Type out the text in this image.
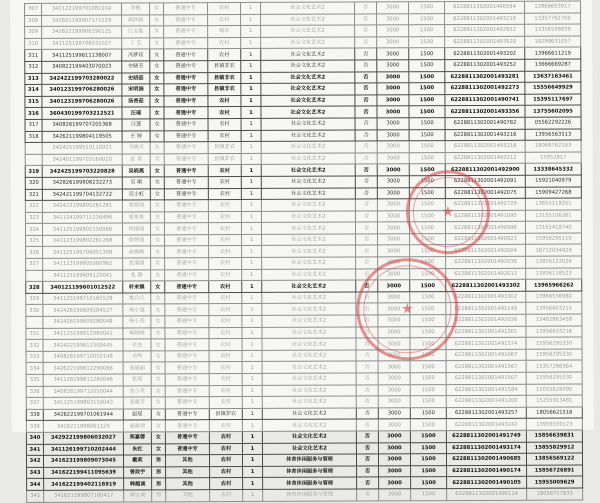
307	341122199701081014	李粮	女	普通中专	农村	1	社会文化艺术2	否	3000	1500	6228811302001490594	13966693917
308	342601199907171529	郭欣骑	女	普通中专	农村	1	社会文化艺术2	否	3000	1500	6228811302001493219	13357762700
309	342622199906190125	汪宝惠	女	普通中专	城市	1	社会文化艺术2	否	3000	1500	6228811302001492652	13356598839
310	341125199708032027	丁 艺	女	普通中专	农村	1	社会文化艺术2	否	3000	1500	6228811302001493920	18298631057
311	341125199611138007	冯梦珏	女	普通中专	农村	1	社会文化艺术2	否	3000	1500	6228811302001493202	13966611219
312	340822199403070023	史晓芳	女	普通中专	县镇非农	1	社会文化艺术2	否	3000	1500	6228811302001493252	13666669287
313	342422199703280022	史晓茹	女	普通中专	县镇非农	1	社会文化艺术2	否	3000	1500	6228811302001493281	13637163461
314	340123199706280026	宋明娟	女	普通中专	县镇非农	1	社会文化艺术2	否	3000	1500	6228811302001492273	15556649929
315	340123199706280026	汤香茹	女	普通中专	农村	1	社会文化艺术2	否	3000	1500	6228811302001490741	15395117697
316	360430199703212521	汪瑶	女	普通中专	农村	1	社会文化艺术2	否	3000	1500	6228811302001493356	13755602095
317	340826199707205368	汪莲	女	普通中专	农村	1	社会文化艺术2	否	3000	1500	6228811302001490782	05562292226
318	342621199804119505	王 婷	女	普通中专	农村	1	社会文化艺术2	否	3000	1500	6228811302001493216	13956563513
	342425199510110021	韦晓芳	女	普通中专	县镇非农	1	社会文化艺术2	否	3000	1500	6228811302001493216	18068762163
	342401199703160020	巫 英	女	普通中专	县镇非农	1	社会文化艺术2	否	3000	1500	6228811302001493212	15952817
319	342425199703220828	吴晓燕	女	普通中专	农村	1	社会文化艺术2	否	3000	1500	6228811302001492900	13338645332
320	342826199908232273	吴 敏	女	普通中专	农村	1	社会文化艺术2	否	3000	1500	6228811302001492091	15921040979
321	342421199704132722	吴小虹	女	普通中专	农村	1	社会文化艺术2	否	3000	1500	6228811302001492075	15909427268
322	342423199805261261	夏丽丽	女	普通中专	农村	1	社会文化艺术2	否	3000	1500	6228811302001492729	13655118351
323	341124199711216496	夏星星	女	普通中专	农村	1	社会文化艺术2	否	3000	1500	6228811302001491095	13155106261
324	341125199901150066	徐丽丽	女	普通中专	农村	1	社会文化艺术2	否	3000	1500	6228811302001490996	13165418740
325	341123199802261268	徐梦丽	女	普通中专	农村	1	社会文化艺术2	否	3000	1500	6228811302001490923	15956295110
326	341125199706051308	俞梅梅	女	普通中专	农村	1	社会文化艺术2	否	3000	1500	6228811302001492004	18712034829
327	341123199605060962	张丽丽	女	普通中专	农村	1	社会文化艺术2	否	3000	1500	6228811302001492036	13856123026
	341125199609120041	张 静	女	普通中专	农村	1	社会文化艺术2	否	3000	1500	6228811302001492013	13856118523
328	340121199601012522	轩来镇	女	普通中专	农村	1	社会文化艺术2	否	3000	1500	6228811302001493302	13965966262
329	341125199710165528	姚兵兵	女	普通中专	农村	1	社会文化艺术2	否	3000	1500	6228811302001493302	13966556980
330	342426199609284527	杨小建	女	普通中专	农村	1	社会文化艺术2	否	3000	1500	6228811302001491149	13956603215
	342426199609280048	杨小英	女	普通中专	农村	1	社会文化艺术2	否	3000	1500	6228811302001492036	13482863458
331	341125199612080041	杨晓晓	女	普通中专	农村	1	社会文化艺术2	否	3000	1500	6228811302001491301	13956603216
332	342422199612300445	余杰	女	普通中专	农村	1	社会文化艺术2	否	3000	1500	6228811302001491574	15956295330
333	340826199710050148	余鸣	女	普通中专	农村	1	社会文化艺术2	否	3000	1500	6228811302001491067	15956295330
334	342622199612290066	张丽丽	女	普通中专	农村	1	社会文化艺术2	否	3000	1500	6228811302001491567	15357266964
335	341126199611280046	张瑶	女	普通中专	农村	1	社会文化艺术2	否	3000	1500	6228811302001491507	15956295330
336	340826199712050044	张小英	女	普通中专	农村	1	社会文化艺术2	否	3000	1500	6228811302001491584	15055628090
337	341125199803150043	张晓芳	女	普通中专	农村	1	社会文化艺术2	否	3000	1500	6228811302001491200	15255913481
338	342622199701061944	赵瑶	女	普通中专	县镇非农	1	社会文化艺术2	否	3000	1500	6228811302001493257	18056621516
339	341621199806112X	赵晓倩	女	普通中专	农村	1	社会文化艺术2	否	3000	1500	6228811302001493242	13956559123
340	342922199806032027	郑嘉蓉	女	普通中专	农村	1	社会文化艺术2	否	3000	1500	6228811302001491749	15856639831
341	341126199710202444	朱红	女	普通中专	农村	1	社会文化艺术2	否	3000	1500	6228811302001493174	15855829912
342	341623199809073045	戴莉	男	其他	农村	1	体育休闲服务与管理	否	3000	1500	6228811302001490685	13856569122
343	341622199411095639	曾政宇	男	其他	农村	1	体育休闲服务与管理	否	3000	1500	6228811302001490174	15856726891
344	341622199402116919	韩越诚	男	其他	农村	1	体育休闲服务与管理	否	3000	1500	6228811302001490105	15955009629
345	341621199807160417	韩宝成	男	其他	农村	1	体育休闲服务与管理	否	3000	1500	6228811302001490114	18056717833
★
★
